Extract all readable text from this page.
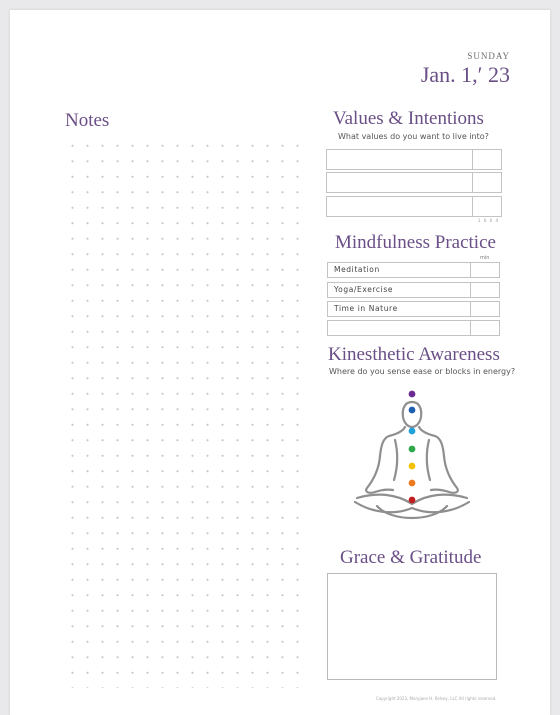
SUNDAY
Jan. 1,′ 23
Notes	Values & Intentions
What values do you want to live into?
1 6 0 4
Mindfulness Practice
min
Meditation
Yoga/Exercise
Time in Nature
Kinesthetic Awareness
Where do you sense ease or blocks in energy?
Grace & Gratitude
Copyright 2023, Maryjane H. Kelsey, LLC All rights reserved.
